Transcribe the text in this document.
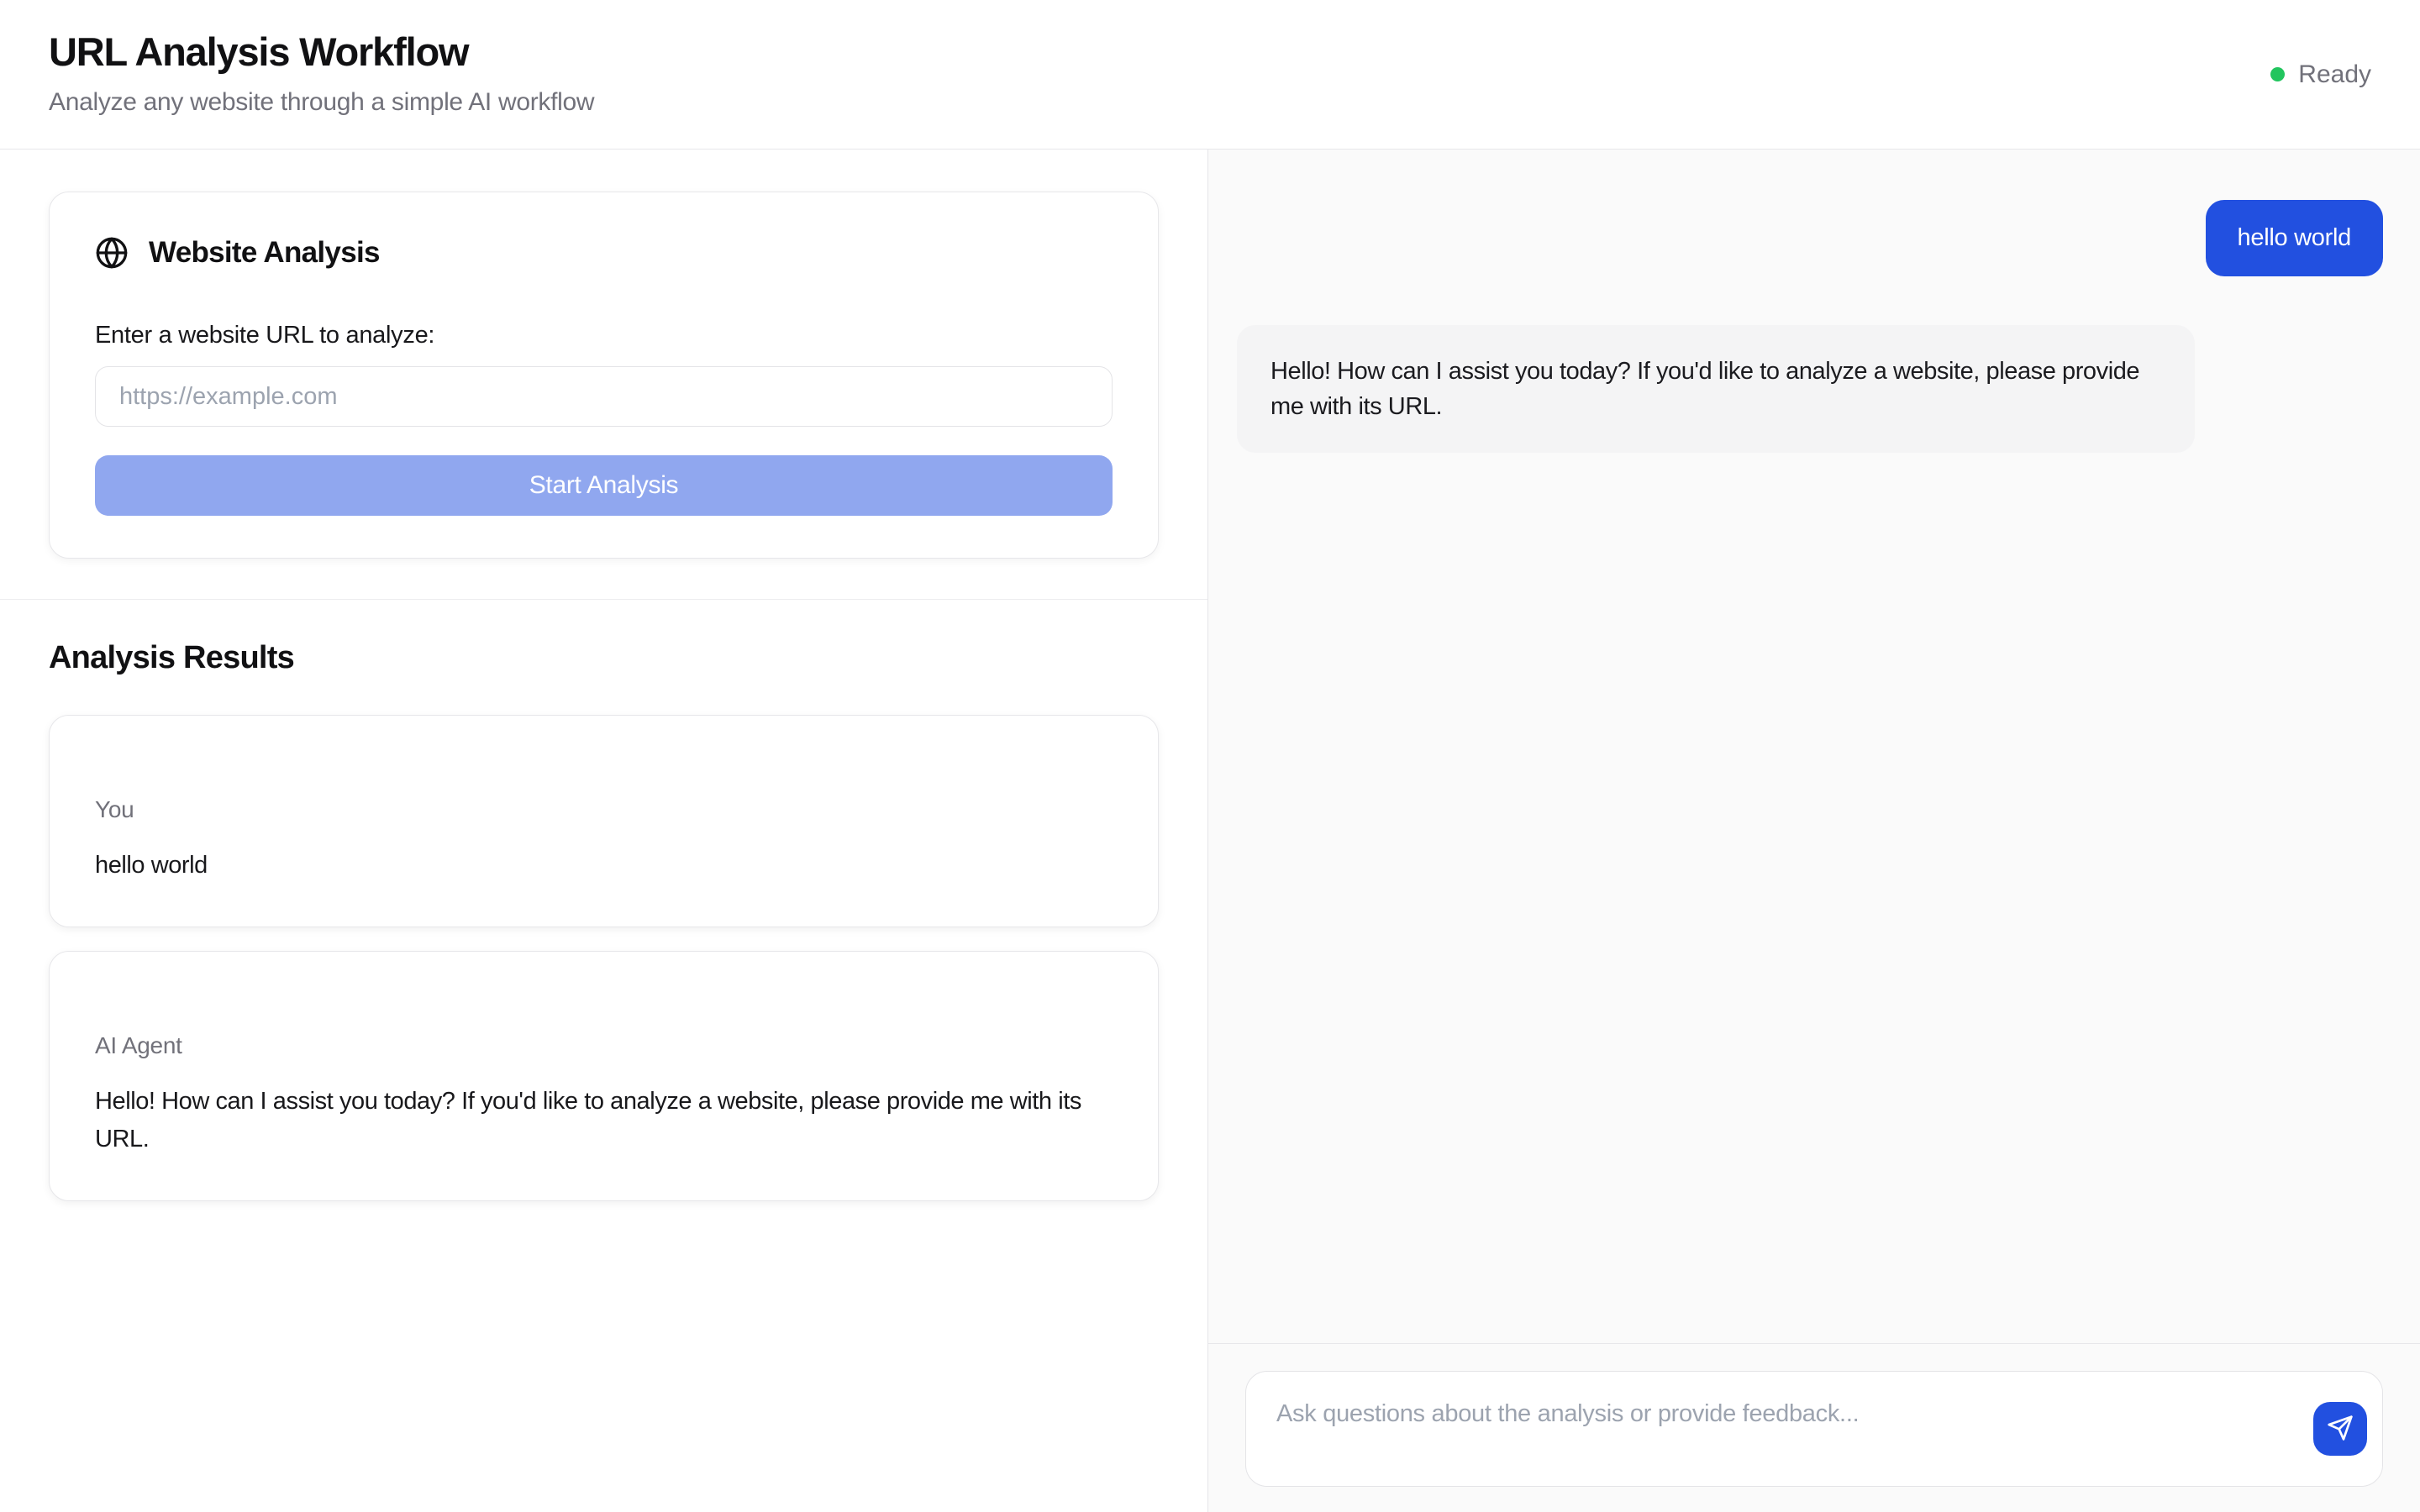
URL Analysis Workflow
Analyze any website through a simple AI workflow
Ready
Website Analysis
Enter a website URL to analyze:
https://example.com Start Analysis
Analysis Results
You
hello world
AI Agent
Hello! How can I assist you today? If you'd like to analyze a website, please provide me with its URL.
hello world
Hello! How can I assist you today? If you'd like to analyze a website, please provide me with its URL.
Ask questions about the analysis or provide feedback...
